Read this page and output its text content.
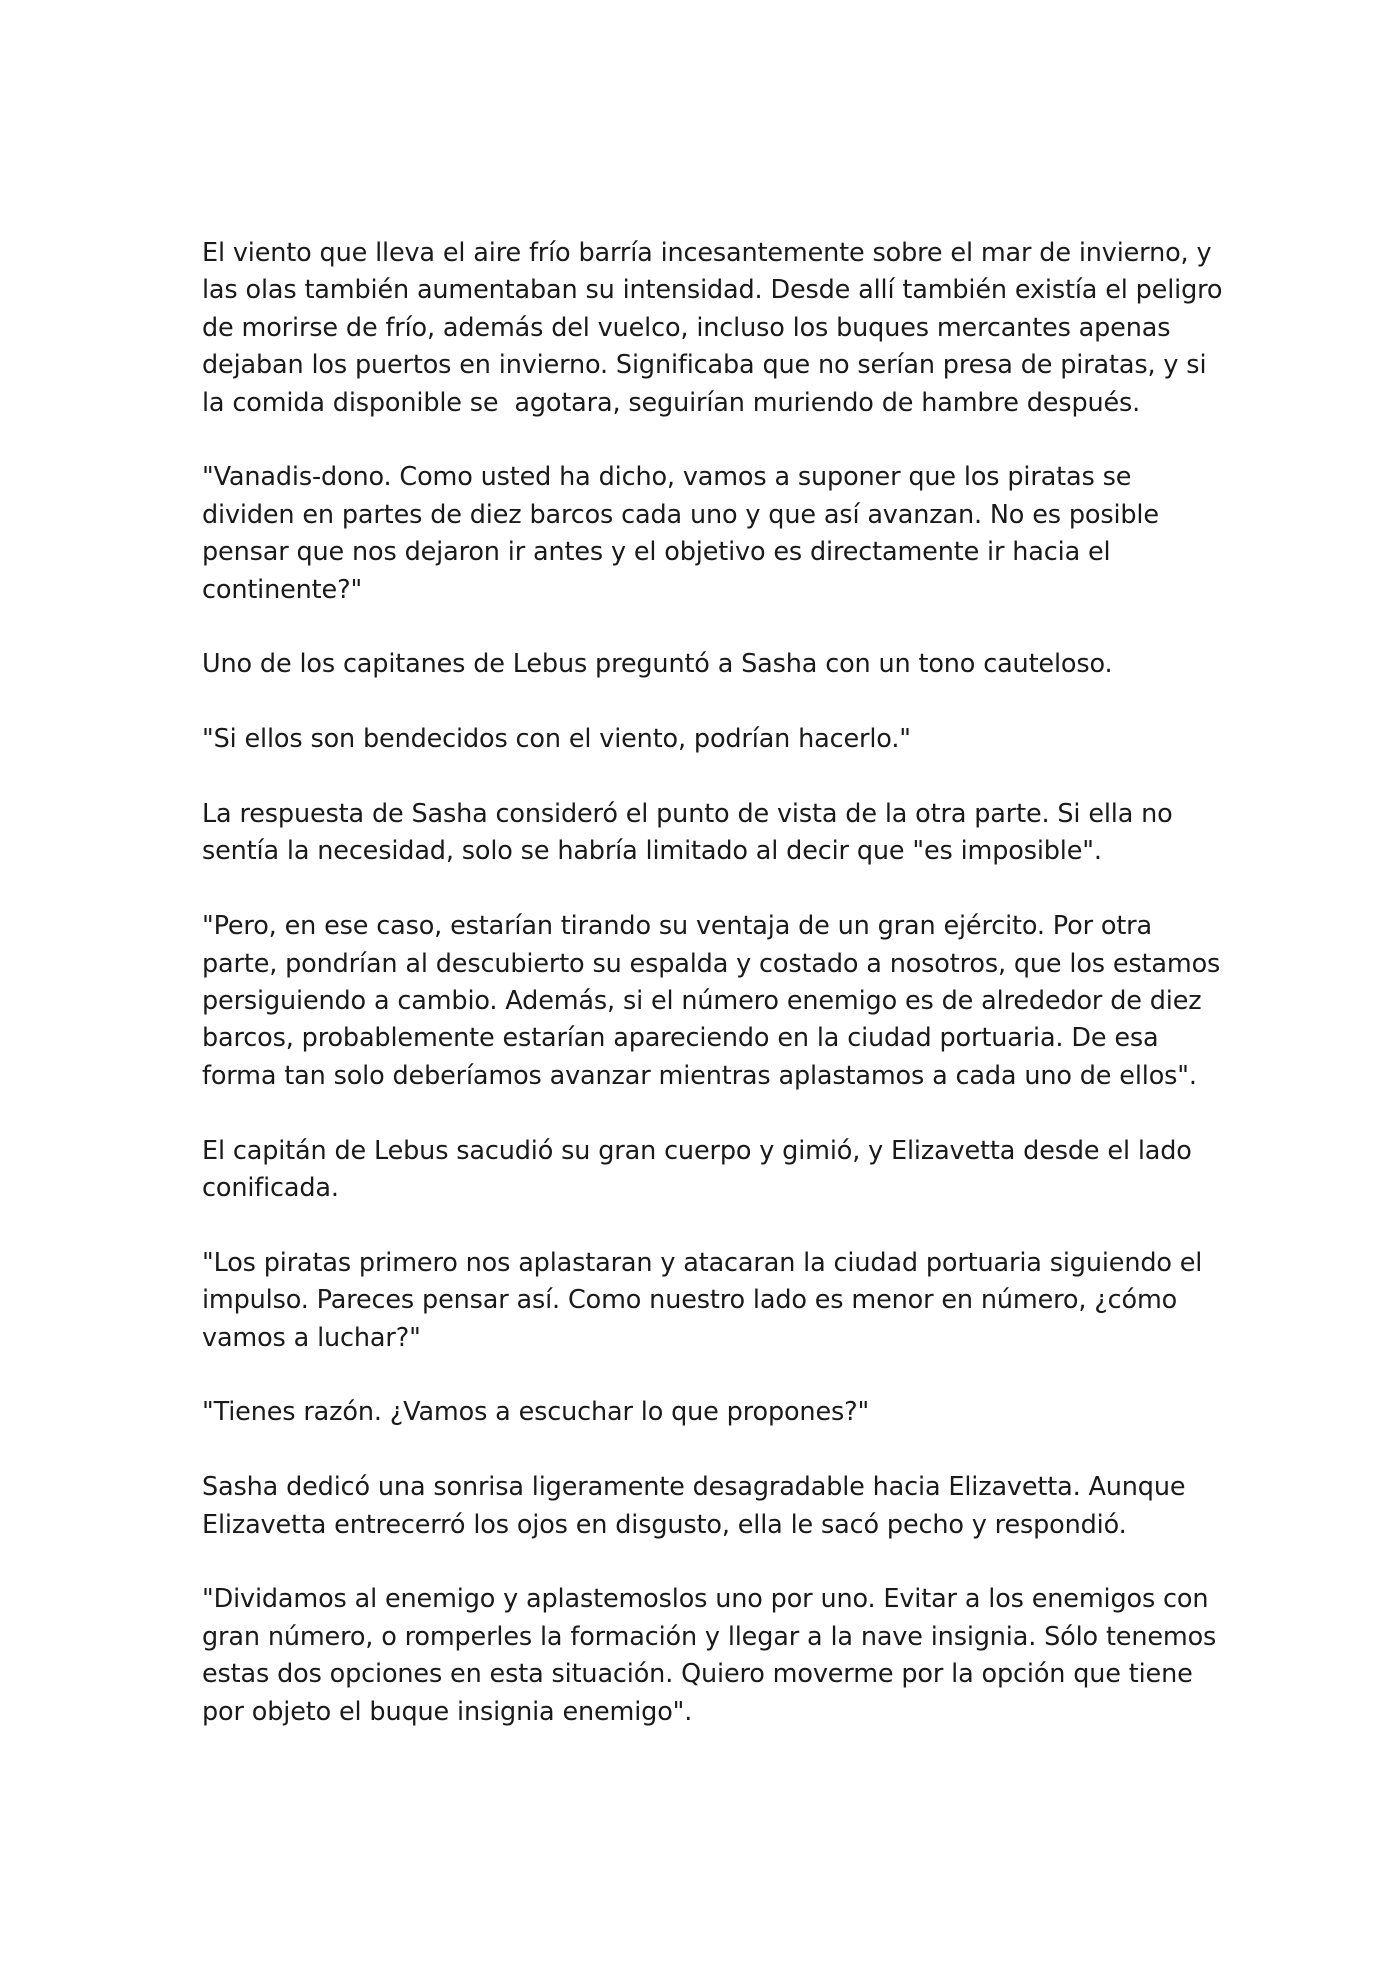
El viento que lleva el aire frío barría incesantemente sobre el mar de invierno, y
las olas también aumentaban su intensidad. Desde allí también existía el peligro
de morirse de frío, además del vuelco, incluso los buques mercantes apenas
dejaban los puertos en invierno. Significaba que no serían presa de piratas, y si
la comida disponible se  agotara, seguirían muriendo de hambre después.

"Vanadis-dono. Como usted ha dicho, vamos a suponer que los piratas se
dividen en partes de diez barcos cada uno y que así avanzan. No es posible
pensar que nos dejaron ir antes y el objetivo es directamente ir hacia el
continente?"

Uno de los capitanes de Lebus preguntó a Sasha con un tono cauteloso.

"Si ellos son bendecidos con el viento, podrían hacerlo."

La respuesta de Sasha consideró el punto de vista de la otra parte. Si ella no
sentía la necesidad, solo se habría limitado al decir que "es imposible".

"Pero, en ese caso, estarían tirando su ventaja de un gran ejército. Por otra
parte, pondrían al descubierto su espalda y costado a nosotros, que los estamos
persiguiendo a cambio. Además, si el número enemigo es de alrededor de diez
barcos, probablemente estarían apareciendo en la ciudad portuaria. De esa
forma tan solo deberíamos avanzar mientras aplastamos a cada uno de ellos".

El capitán de Lebus sacudió su gran cuerpo y gimió, y Elizavetta desde el lado
conificada.

"Los piratas primero nos aplastaran y atacaran la ciudad portuaria siguiendo el
impulso. Pareces pensar así. Como nuestro lado es menor en número, ¿cómo
vamos a luchar?"

"Tienes razón. ¿Vamos a escuchar lo que propones?"

Sasha dedicó una sonrisa ligeramente desagradable hacia Elizavetta. Aunque
Elizavetta entrecerró los ojos en disgusto, ella le sacó pecho y respondió.

"Dividamos al enemigo y aplastemoslos uno por uno. Evitar a los enemigos con
gran número, o romperles la formación y llegar a la nave insignia. Sólo tenemos
estas dos opciones en esta situación. Quiero moverme por la opción que tiene
por objeto el buque insignia enemigo".
